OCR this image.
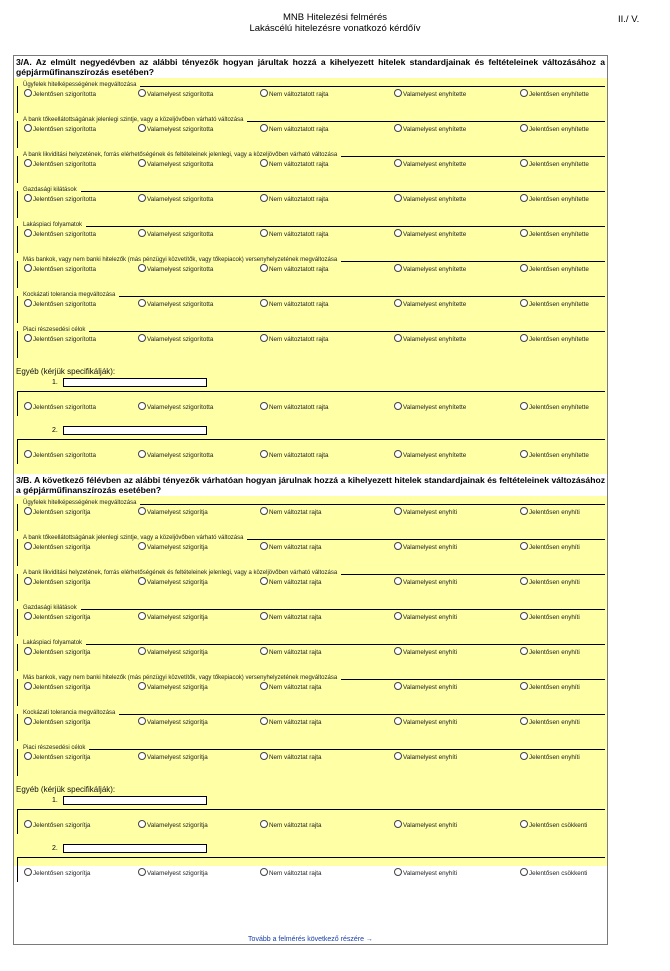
MNB Hitelezési felmérés
Lakáscélú hitelezésre vonatkozó kérdőív
II./ V.
3/A. Az elmúlt negyedévben az alábbi tényezők hogyan járultak hozzá a kihelyezett hitelek standardjainak és feltételeinek változásához a gépjárműfinanszírozás esetében?
Ügyfelek hitelképességének megváltozása
Jelentősen szigorította	Valamelyest szigorította	Nem változtatott rajta	Valamelyest enyhítette	Jelentősen enyhítette
A bank tőkeellátottságának jelenlegi szintje, vagy a közeljövőben várható változása
Jelentősen szigorította	Valamelyest szigorította	Nem változtatott rajta	Valamelyest enyhítette	Jelentősen enyhítette
A bank likviditási helyzetének, forrás elérhetőségének és feltételeinek jelenlegi, vagy a közeljövőben várható változása
Jelentősen szigorította	Valamelyest szigorította	Nem változtatott rajta	Valamelyest enyhítette	Jelentősen enyhítette
Gazdasági kilátások
Jelentősen szigorította	Valamelyest szigorította	Nem változtatott rajta	Valamelyest enyhítette	Jelentősen enyhítette
Lakáspiaci folyamatok
Jelentősen szigorította	Valamelyest szigorította	Nem változtatott rajta	Valamelyest enyhítette	Jelentősen enyhítette
Más bankok, vagy nem banki hitelezők (más pénzügyi közvetítők, vagy tőkepiacok) versenyhelyzetének megváltozása
Jelentősen szigorította	Valamelyest szigorította	Nem változtatott rajta	Valamelyest enyhítette	Jelentősen enyhítette
Kockázati tolerancia megváltozása
Jelentősen szigorította	Valamelyest szigorította	Nem változtatott rajta	Valamelyest enyhítette	Jelentősen enyhítette
Piaci részesedési célok
Jelentősen szigorította	Valamelyest szigorította	Nem változtatott rajta	Valamelyest enyhítette	Jelentősen enyhítette
Egyéb (kérjük specifikálják):
1.
Jelentősen szigorította	Valamelyest szigorította	Nem változtatott rajta	Valamelyest enyhítette	Jelentősen enyhítette
2.
Jelentősen szigorította	Valamelyest szigorította	Nem változtatott rajta	Valamelyest enyhítette	Jelentősen enyhítette
3/B. A következő félévben az alábbi tényezők várhatóan hogyan járulnak hozzá a kihelyezett hitelek standardjainak és feltételeinek változásához a gépjárműfinanszírozás esetében?
Ügyfelek hitelképességének megváltozása
Jelentősen szigorítja	Valamelyest szigorítja	Nem változtat rajta	Valamelyest enyhíti	Jelentősen enyhíti
A bank tőkeellátottságának jelenlegi szintje, vagy a közeljövőben várható változása
Jelentősen szigorítja	Valamelyest szigorítja	Nem változtat rajta	Valamelyest enyhíti	Jelentősen enyhíti
A bank likviditási helyzetének, forrás elérhetőségének és feltételeinek jelenlegi, vagy a közeljövőben várható változása
Jelentősen szigorítja	Valamelyest szigorítja	Nem változtat rajta	Valamelyest enyhíti	Jelentősen enyhíti
Gazdasági kilátások
Jelentősen szigorítja	Valamelyest szigorítja	Nem változtat rajta	Valamelyest enyhíti	Jelentősen enyhíti
Lakáspiaci folyamatok
Jelentősen szigorítja	Valamelyest szigorítja	Nem változtat rajta	Valamelyest enyhíti	Jelentősen enyhíti
Más bankok, vagy nem banki hitelezők (más pénzügyi közvetítők, vagy tőkepiacok) versenyhelyzetének megváltozása
Jelentősen szigorítja	Valamelyest szigorítja	Nem változtat rajta	Valamelyest enyhíti	Jelentősen enyhíti
Kockázati tolerancia megváltozása
Jelentősen szigorítja	Valamelyest szigorítja	Nem változtat rajta	Valamelyest enyhíti	Jelentősen enyhíti
Piaci részesedési célok
Jelentősen szigorítja	Valamelyest szigorítja	Nem változtat rajta	Valamelyest enyhíti	Jelentősen enyhíti
Egyéb (kérjük specifikálják):
1.
Jelentősen szigorítja	Valamelyest szigorítja	Nem változtat rajta	Valamelyest enyhíti	Jelentősen csökkenti
2.
Jelentősen szigorítja	Valamelyest szigorítja	Nem változtat rajta	Valamelyest enyhíti	Jelentősen csökkenti
Tovább a felmérés következő részére →
